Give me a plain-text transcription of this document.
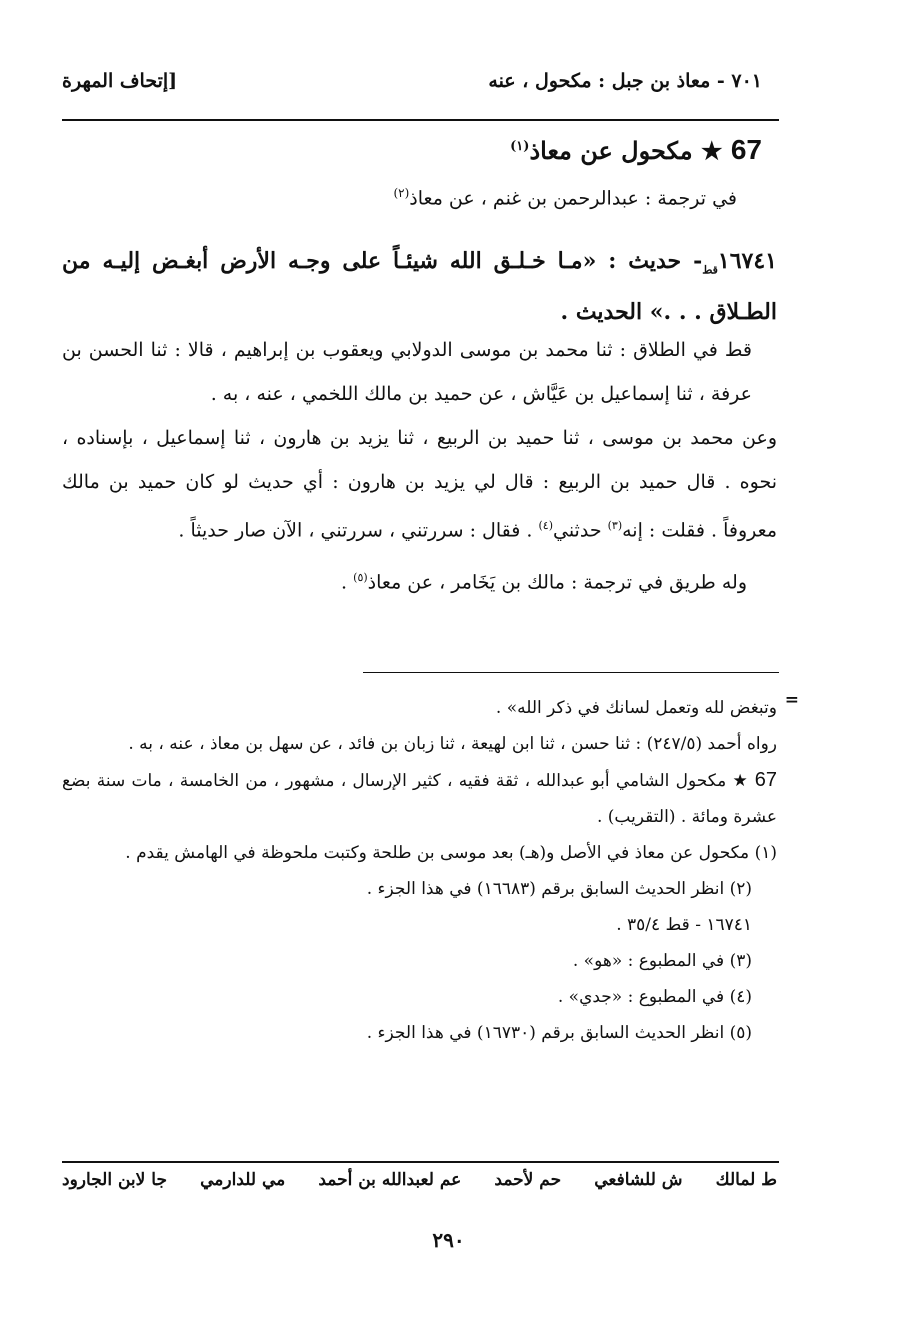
٧٠١ - معاذ بن جبل : مكحول ، عنه
[إتحاف المهرة
67 ★ مكحول عن معاذ$^{(١)}$
في ترجمة : عبدالرحمن بن غنم ، عن معاذ$^{(٢)}$
$١٦٧٤١_{قط}-$ حديث : «مـا خـلـق الله شيئـاً على وجـه الأرض أبغـض إليـه من الطـلاق . . .» الحديث .

قط في الطلاق : ثنا محمد بن موسى الدولابي ويعقوب بن إبراهيم ، قالا : ثنا الحسن بن عرفة ، ثنا إسماعيل بن عَيَّاش ، عن حميد بن مالك اللخمي ، عنه ، به .

وعن محمد بن موسى ، ثنا حميد بن الربيع ، ثنا يزيد بن هارون ، ثنا إسماعيل ، بإسناده ، نحوه . قال حميد بن الربيع : قال لي يزيد بن هارون : أي حديث لو كان حميد بن مالك معروفاً . فقلت : إنه$^{(٣)}$ حدثني$^{(٤)}$ . فقال : سررتني ، سررتني ، الآن صار حديثاً .

وله طريق في ترجمة : مالك بن يَخَامر ، عن معاذ$^{(٥)}$ .

=

وتبغض لله وتعمل لسانك في ذكر الله» .

رواه أحمد (٢٤٧/٥) : ثنا حسن ، ثنا ابن لهيعة ، ثنا زبان بن فائد ، عن سهل بن معاذ ، عنه ، به .

67 ★ مكحول الشامي أبو عبدالله ، ثقة فقيه ، كثير الإرسال ، مشهور ، من الخامسة ، مات سنة بضع عشرة ومائة . (التقريب) .

(١) مكحول عن معاذ في الأصل و(هـ) بعد موسى بن طلحة وكتبت ملحوظة في الهامش يقدم .

(٢) انظر الحديث السابق برقم (١٦٦٨٣) في هذا الجزء .

١٦٧٤١ - قط ٣٥/٤ .

(٣) في المطبوع : «هو» .

(٤) في المطبوع : «جدي» .

(٥) انظر الحديث السابق برقم (١٦٧٣٠) في هذا الجزء .

ط لمالك
ش للشافعي
حم لأحمد
عم لعبدالله بن أحمد
مي للدارمي
جا لابن الجارود
٢٩٠
